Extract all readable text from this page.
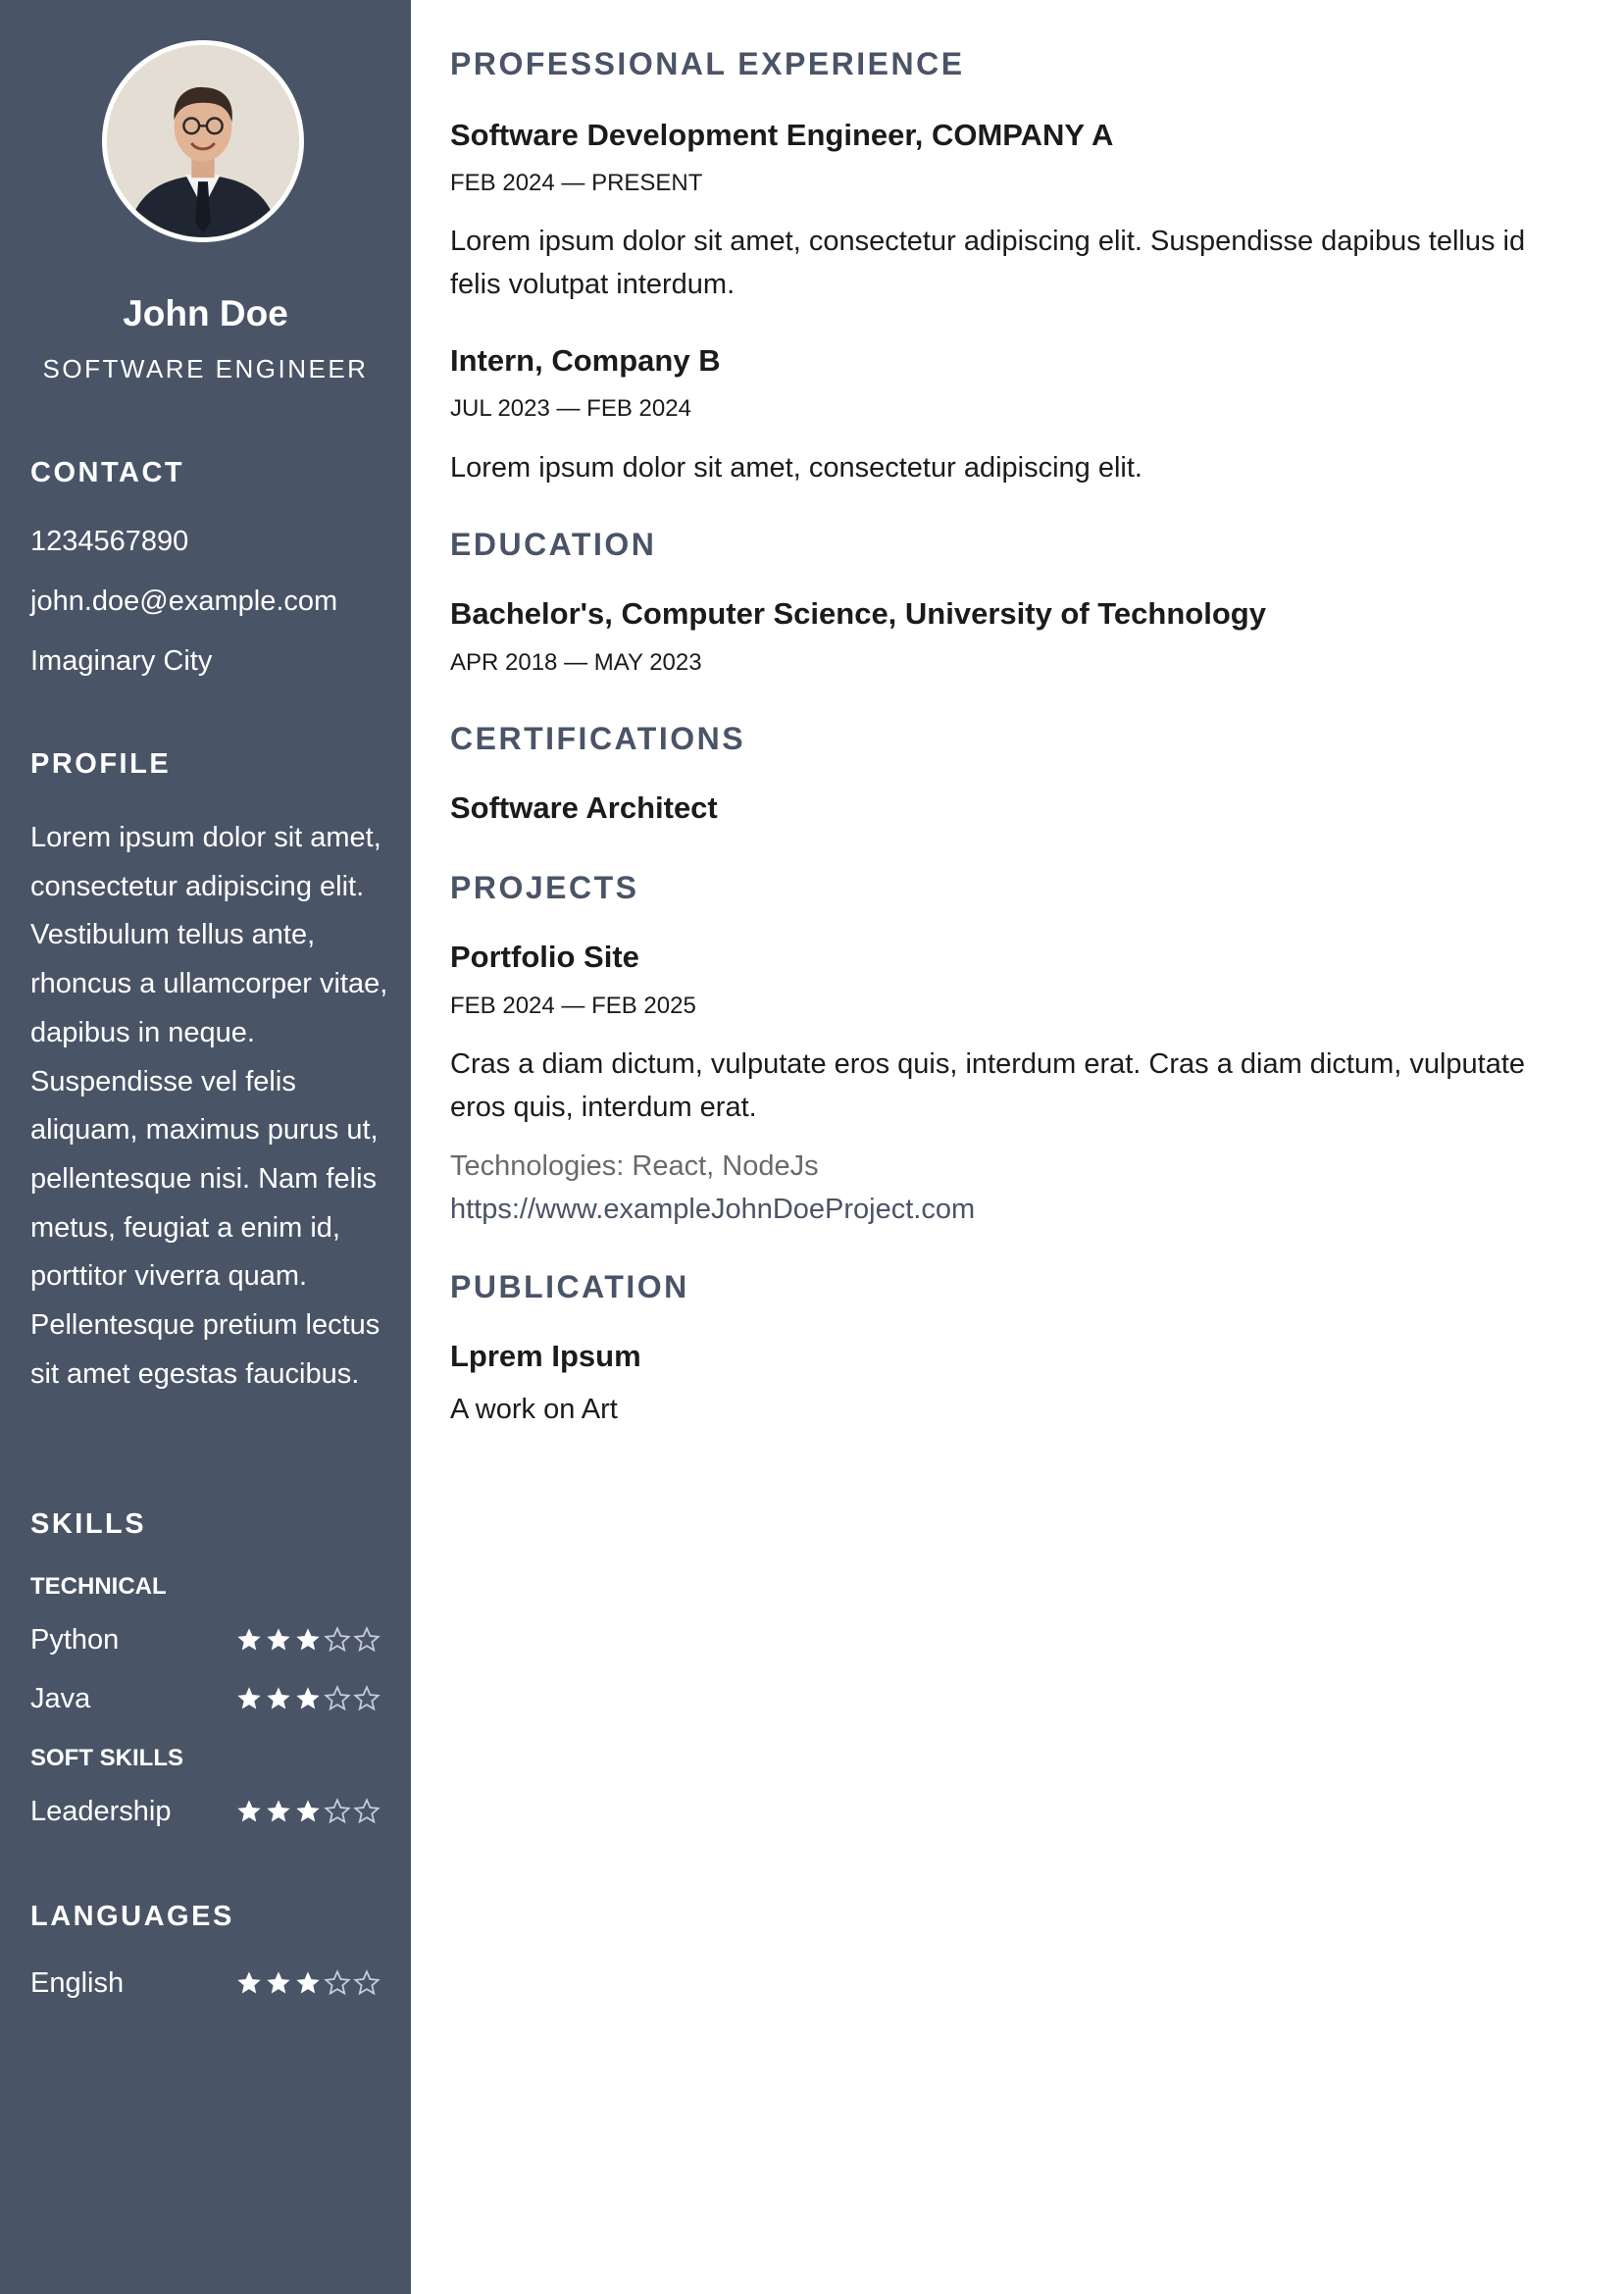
John Doe
SOFTWARE ENGINEER
CONTACT
1234567890
john.doe@example.com
Imaginary City
PROFILE
Lorem ipsum dolor sit amet, consectetur adipiscing elit. Vestibulum tellus ante, rhoncus a ullamcorper vitae, dapibus in neque. Suspendisse vel felis aliquam, maximus purus ut, pellentesque nisi. Nam felis metus, feugiat a enim id, porttitor viverra quam. Pellentesque pretium lectus sit amet egestas faucibus.
SKILLS
TECHNICAL
Python
Java
SOFT SKILLS
Leadership
LANGUAGES
English
PROFESSIONAL EXPERIENCE
Software Development Engineer, COMPANY A
FEB 2024 — PRESENT
Lorem ipsum dolor sit amet, consectetur adipiscing elit. Suspendisse dapibus tellus id felis volutpat interdum.
Intern, Company B
JUL 2023 — FEB 2024
Lorem ipsum dolor sit amet, consectetur adipiscing elit.
EDUCATION
Bachelor's, Computer Science, University of Technology
APR 2018 — MAY 2023
CERTIFICATIONS
Software Architect
PROJECTS
Portfolio Site
FEB 2024 — FEB 2025
Cras a diam dictum, vulputate eros quis, interdum erat. Cras a diam dictum, vulputate eros quis, interdum erat.
Technologies: React, NodeJs
https://www.exampleJohnDoeProject.com
PUBLICATION
Lprem Ipsum
A work on Art
